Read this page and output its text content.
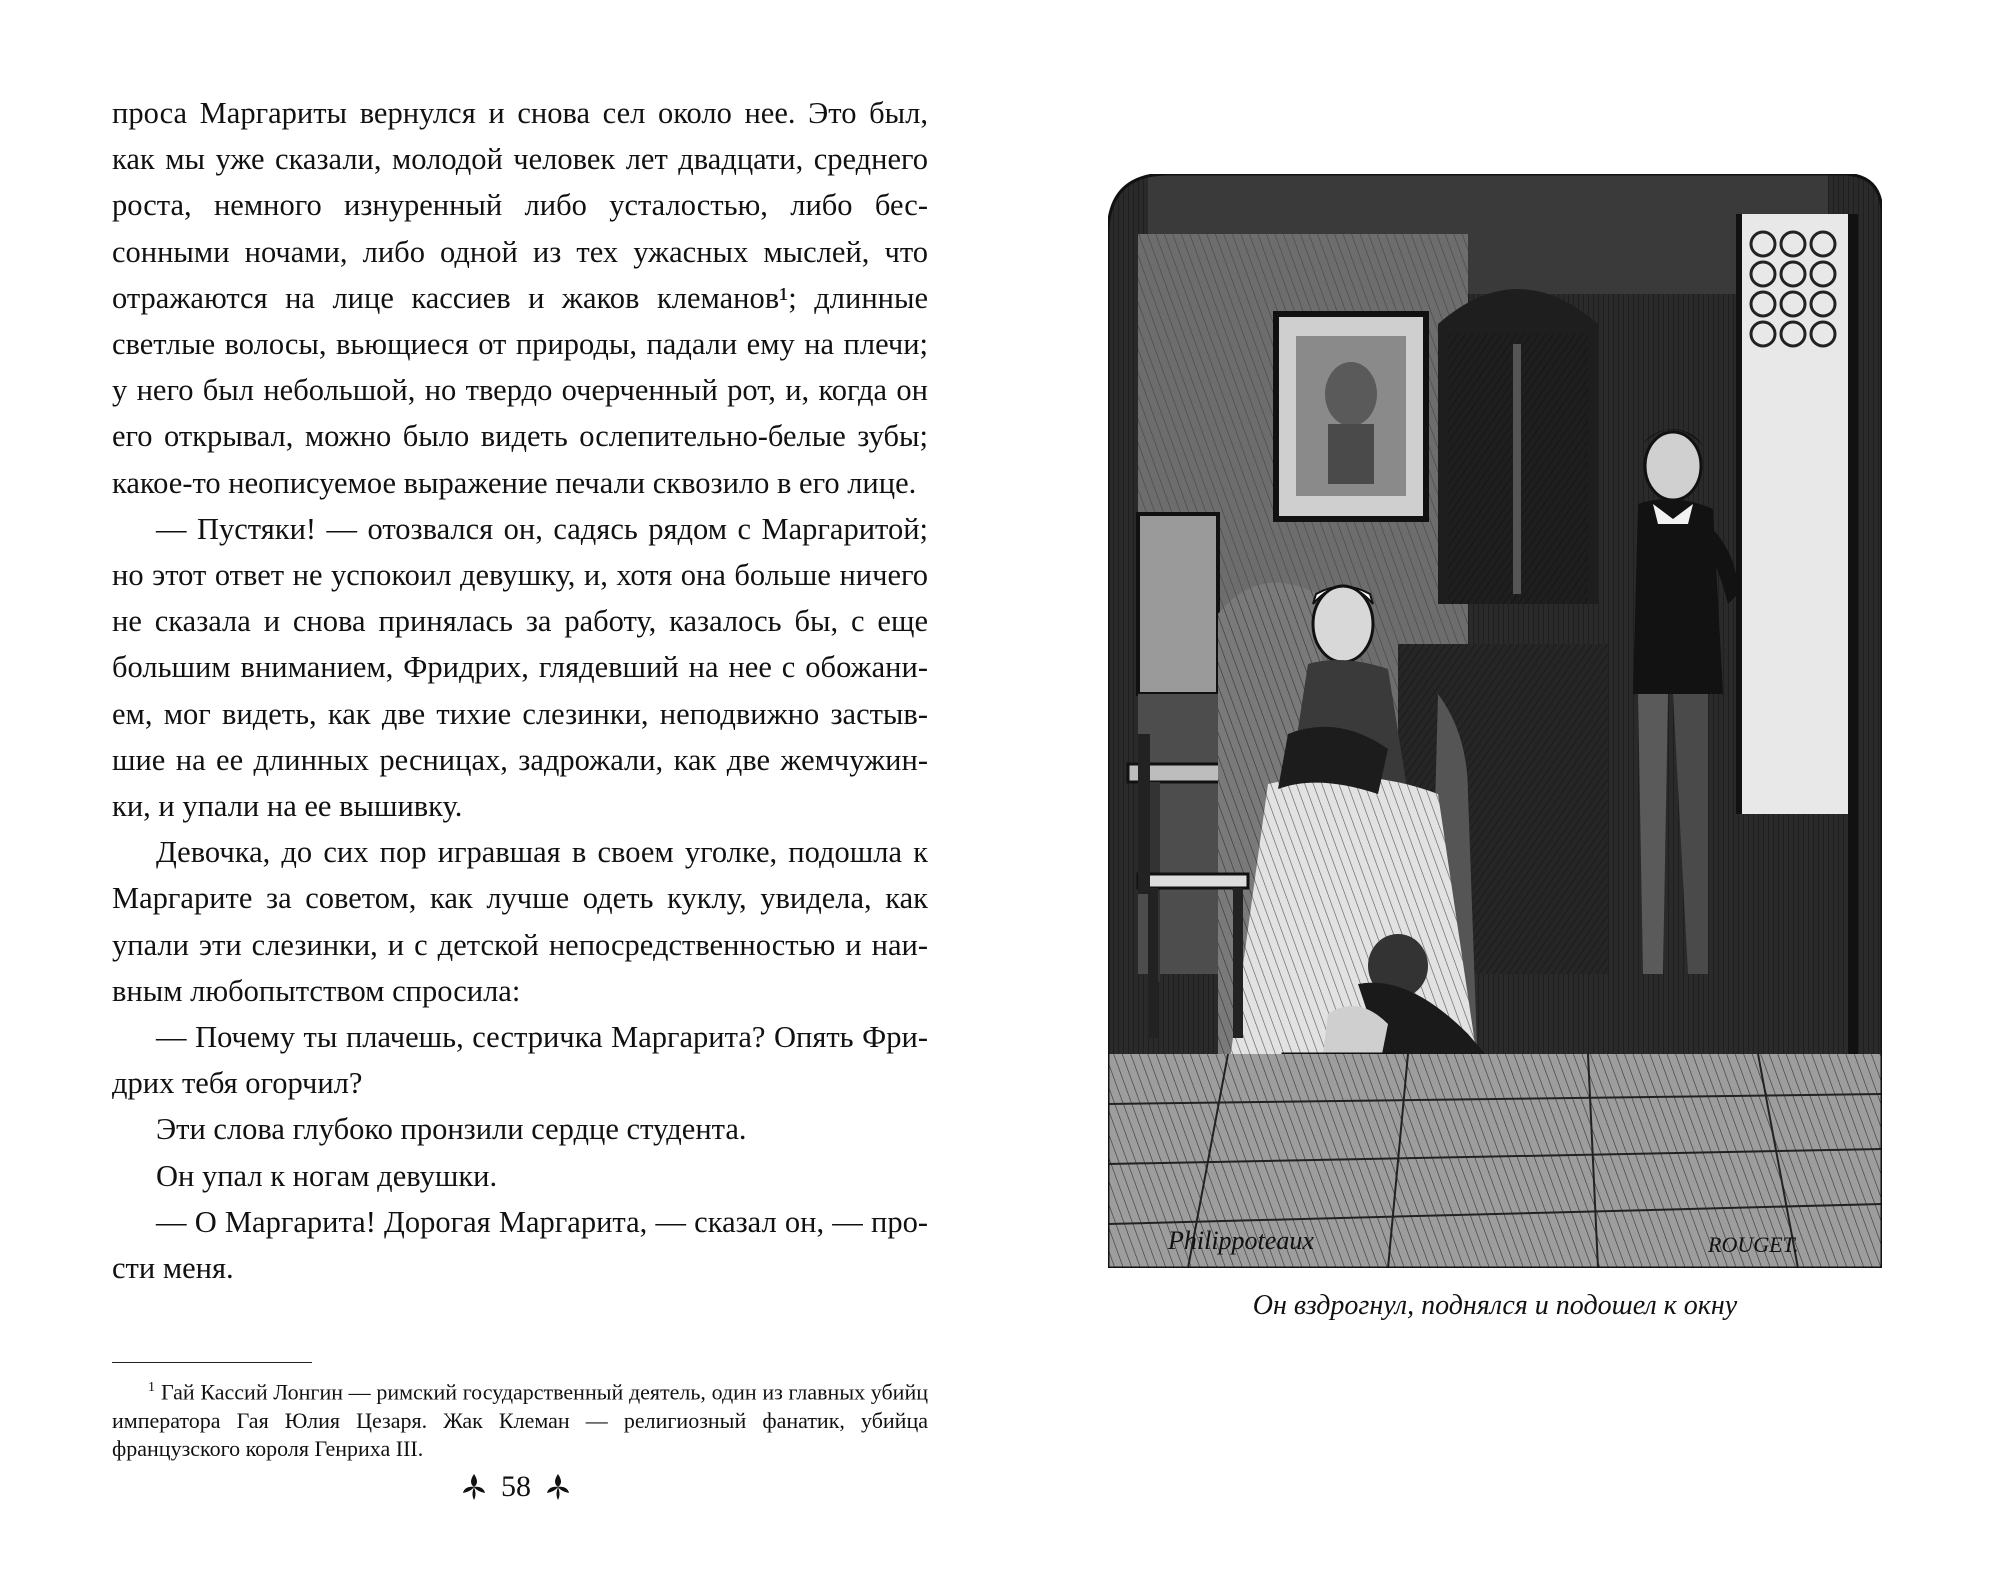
проса Маргариты вернулся и снова сел около нее. Это был, как мы уже сказали, молодой человек лет двадцати, среднего роста, немного изнуренный либо усталостью, либо бессонными ночами, либо одной из тех ужасных мыслей, что отражаются на лице кассиев и жаков клеманов¹; длинные светлые волосы, вьющиеся от природы, падали ему на плечи; у него был небольшой, но твердо очерченный рот, и, когда он его открывал, можно было видеть ослепительно-белые зубы; какое-то неописуемое выражение печали сквозило в его лице.

— Пустяки! — отозвался он, садясь рядом с Маргаритой; но этот ответ не успокоил девушку, и, хотя она больше ничего не сказала и снова принялась за работу, казалось бы, с еще большим вниманием, Фридрих, глядевший на нее с обожанием, мог видеть, как две тихие слезинки, неподвижно застывшие на ее длинных ресницах, задрожали, как две жемчужинки, и упали на ее вышивку.

Девочка, до сих пор игравшая в своем уголке, подошла к Маргарите за советом, как лучше одеть куклу, увидела, как упали эти слезинки, и с детской непосредственностью и наивным любопытством спросила:

— Почему ты плачешь, сестричка Маргарита? Опять Фридрих тебя огорчил?

Эти слова глубоко пронзили сердце студента.

Он упал к ногам девушки.

— О Маргарита! Дорогая Маргарита, — сказал он, — прости меня.

$^1$ Гай Кассий Лонгин — римский государственный деятель, один из главных убийц императора Гая Юлия Цезаря. Жак Клеман — религиозный фанатик, убийца французского короля Генриха III.

58
Philippoteaux	ROUGET.
Он вздрогнул, поднялся и подошел к окну
